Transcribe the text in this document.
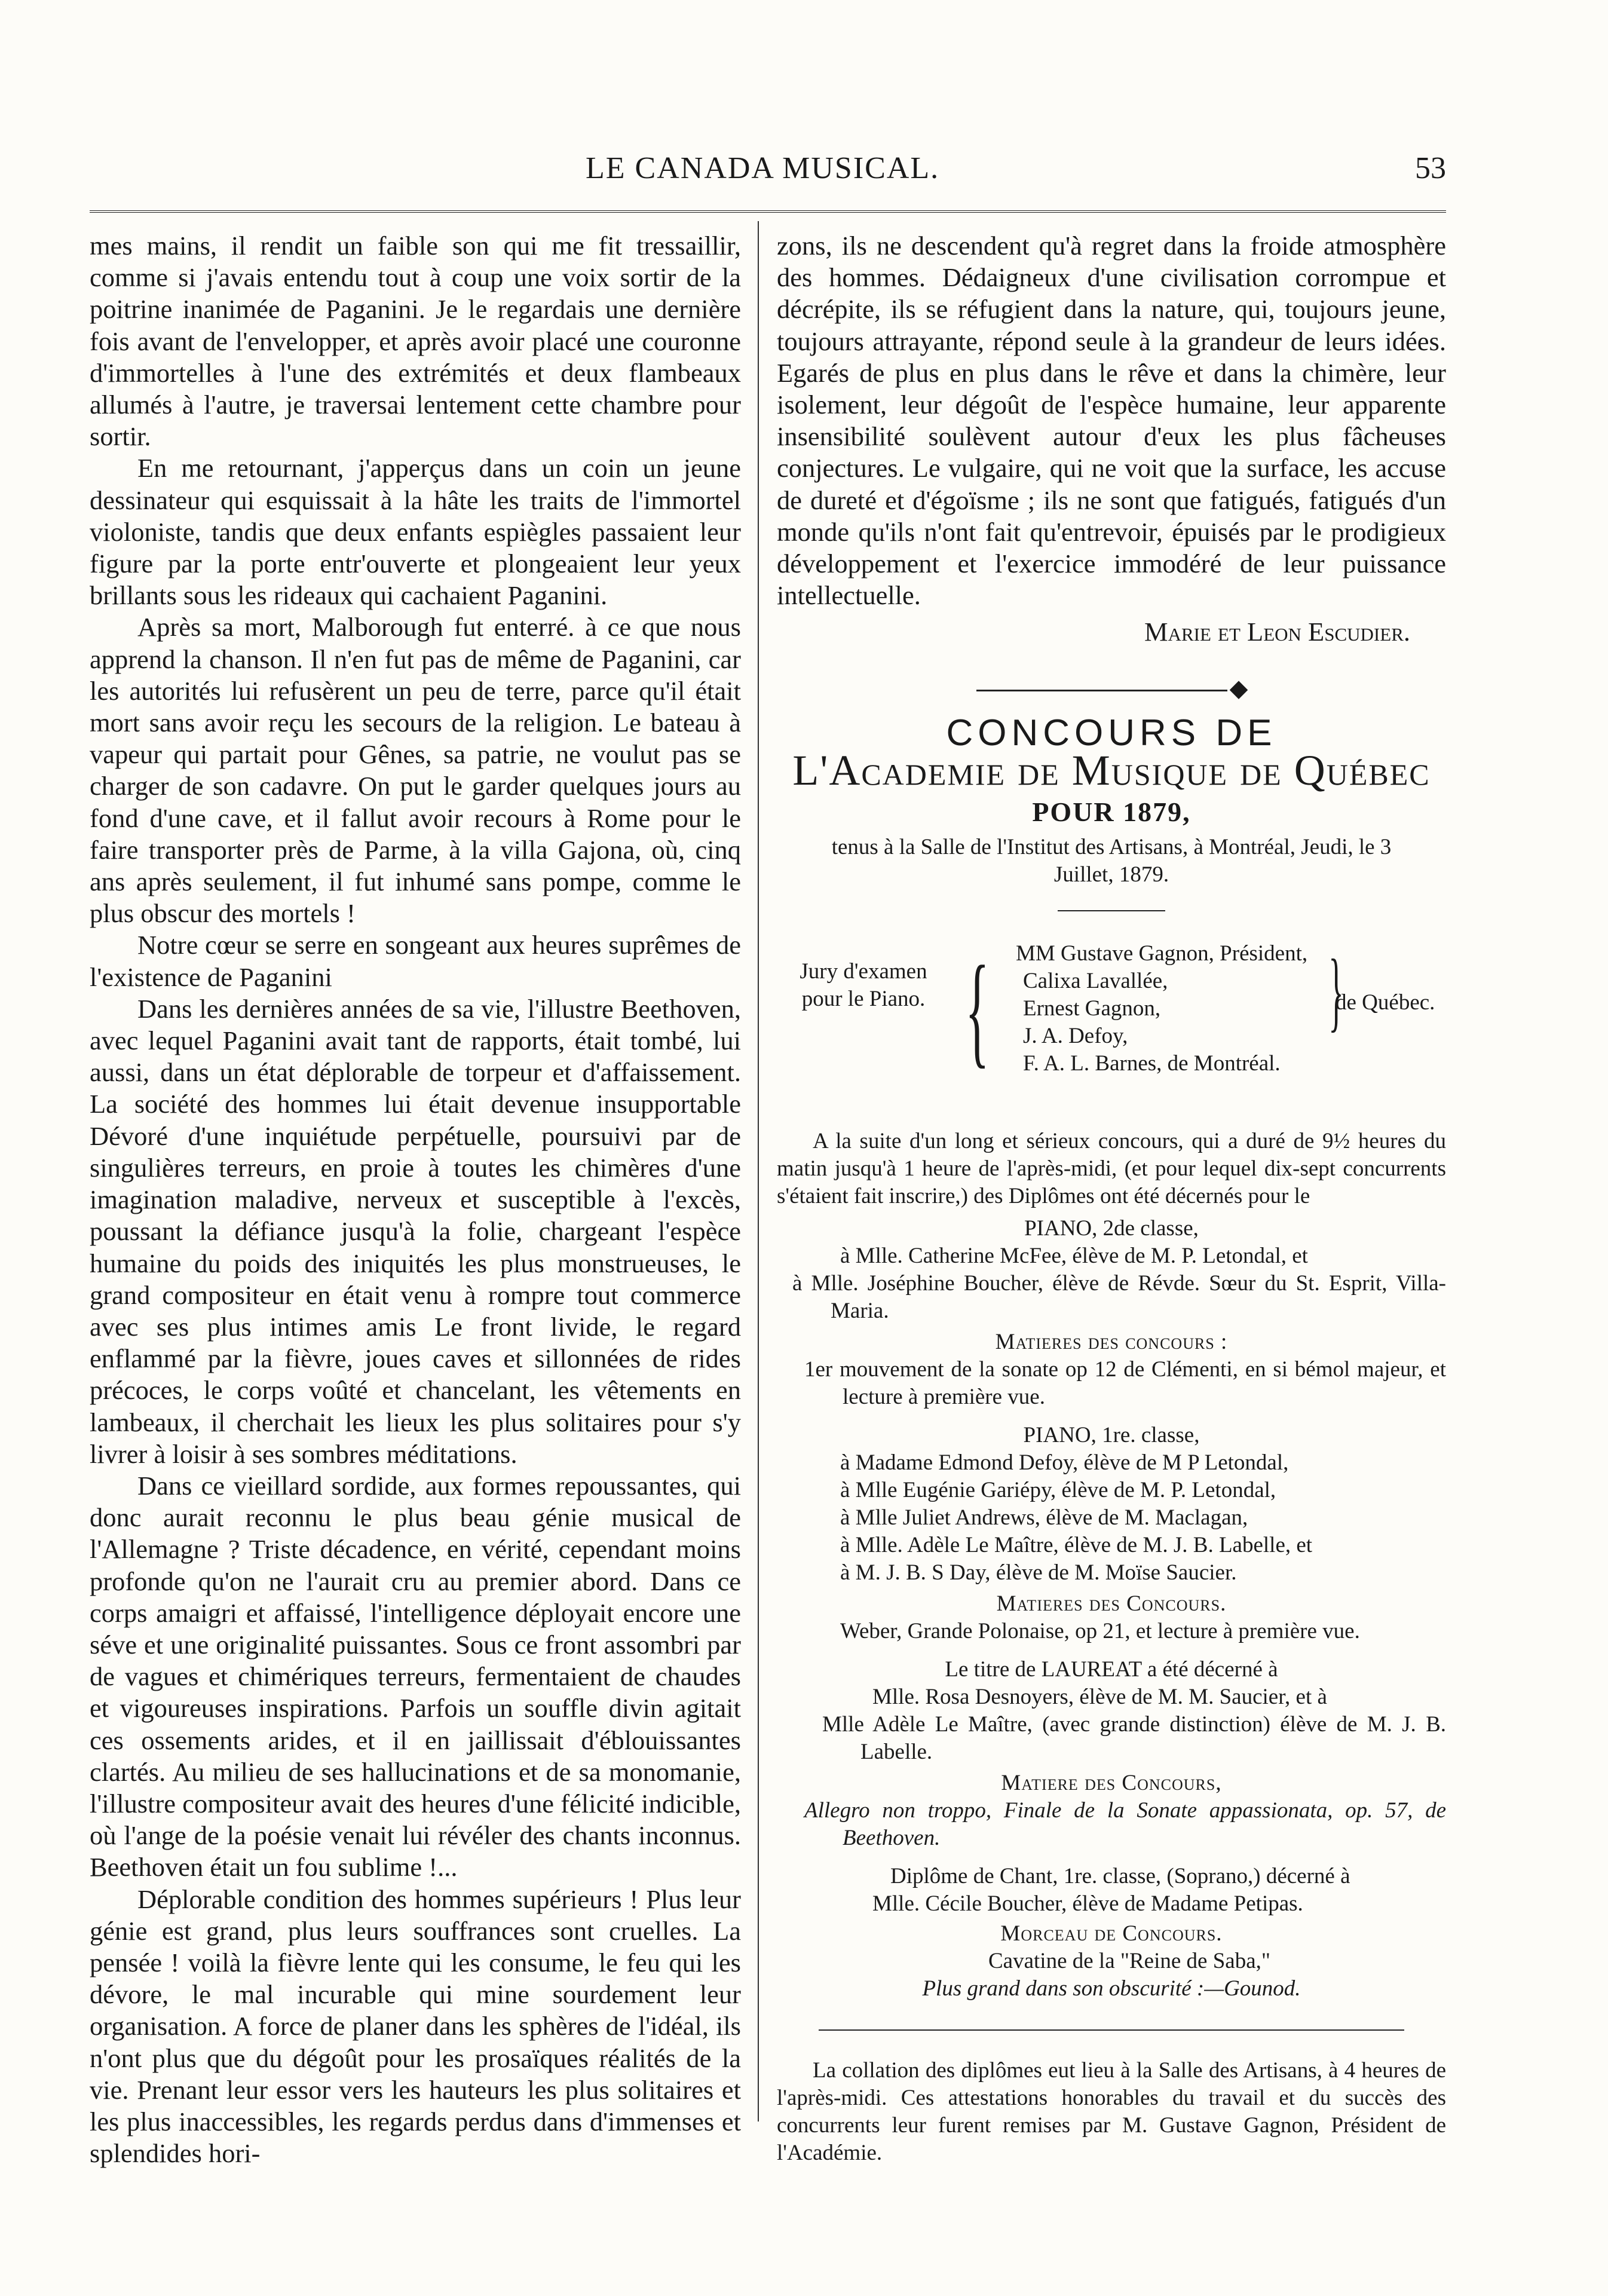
LE CANADA MUSICAL.	53

mes mains, il rendit un faible son qui me fit tressaillir, comme si j'avais entendu tout à coup une voix sortir de la poitrine inanimée de Paganini. Je le regardais une dernière fois avant de l'envelopper, et après avoir placé une couronne d'immortelles à l'une des extrémités et deux flambeaux allumés à l'autre, je traversai lentement cette chambre pour sortir.

En me retournant, j'apperçus dans un coin un jeune dessinateur qui esquissait à la hâte les traits de l'immortel violoniste, tandis que deux enfants espiègles passaient leur figure par la porte entr'ouverte et plongeaient leur yeux brillants sous les rideaux qui cachaient Paganini.

Après sa mort, Malborough fut enterré. à ce que nous apprend la chanson. Il n'en fut pas de même de Paganini, car les autorités lui refusèrent un peu de terre, parce qu'il était mort sans avoir reçu les secours de la religion. Le bateau à vapeur qui partait pour Gênes, sa patrie, ne voulut pas se charger de son cadavre. On put le garder quelques jours au fond d'une cave, et il fallut avoir recours à Rome pour le faire transporter près de Parme, à la villa Gajona, où, cinq ans après seulement, il fut inhumé sans pompe, comme le plus obscur des mortels !

Notre cœur se serre en songeant aux heures suprêmes de l'existence de Paganini

Dans les dernières années de sa vie, l'illustre Beethoven, avec lequel Paganini avait tant de rapports, était tombé, lui aussi, dans un état déplorable de torpeur et d'affaissement. La société des hommes lui était devenue insupportable Dévoré d'une inquiétude perpétuelle, poursuivi par de singulières terreurs, en proie à toutes les chimères d'une imagination maladive, nerveux et susceptible à l'excès, poussant la défiance jusqu'à la folie, chargeant l'espèce humaine du poids des iniquités les plus monstrueuses, le grand compositeur en était venu à rompre tout commerce avec ses plus intimes amis Le front livide, le regard enflammé par la fièvre, joues caves et sillonnées de rides précoces, le corps voûté et chancelant, les vêtements en lambeaux, il cherchait les lieux les plus solitaires pour s'y livrer à loisir à ses sombres méditations.

Dans ce vieillard sordide, aux formes repoussantes, qui donc aurait reconnu le plus beau génie musical de l'Allemagne ? Triste décadence, en vérité, cependant moins profonde qu'on ne l'aurait cru au premier abord. Dans ce corps amaigri et affaissé, l'intelligence déployait encore une séve et une originalité puissantes. Sous ce front assombri par de vagues et chimériques terreurs, fermentaient de chaudes et vigoureuses inspirations. Parfois un souffle divin agitait ces ossements arides, et il en jaillissait d'éblouissantes clartés. Au milieu de ses hallucinations et de sa monomanie, l'illustre compositeur avait des heures d'une félicité indicible, où l'ange de la poésie venait lui révéler des chants inconnus. Beethoven était un fou sublime !...

Déplorable condition des hommes supérieurs ! Plus leur génie est grand, plus leurs souffrances sont cruelles. La pensée ! voilà la fièvre lente qui les consume, le feu qui les dévore, le mal incurable qui mine sourdement leur organisation. A force de planer dans les sphères de l'idéal, ils n'ont plus que du dégoût pour les prosaïques réalités de la vie. Prenant leur essor vers les hauteurs les plus solitaires et les plus inaccessibles, les regards perdus dans d'immenses et splendides hori-

zons, ils ne descendent qu'à regret dans la froide atmosphère des hommes. Dédaigneux d'une civilisation corrompue et décrépite, ils se réfugient dans la nature, qui, toujours jeune, toujours attrayante, répond seule à la grandeur de leurs idées. Egarés de plus en plus dans le rêve et dans la chimère, leur isolement, leur dégoût de l'espèce humaine, leur apparente insensibilité soulèvent autour d'eux les plus fâcheuses conjectures. Le vulgaire, qui ne voit que la surface, les accuse de dureté et d'égoïsme ; ils ne sont que fatigués, fatigués d'un monde qu'ils n'ont fait qu'entrevoir, épuisés par le prodigieux développement et l'exercice immodéré de leur puissance intellectuelle.

Marie et Leon Escudier.

◆
CONCOURS DE
L'Academie de Musique de Québec
POUR 1879,
tenus à la Salle de l'Institut des Artisans, à Montréal, Jeudi, le 3 Juillet, 1879.
Jury d'examen pour le Piano. { MM Gustave Gagnon, Président,
Calixa Lavallée,
Ernest Gagnon,
J. A. Defoy,
F. A. L. Barnes, de Montréal.
}
de Québec.

A la suite d'un long et sérieux concours, qui a duré de 9½ heures du matin jusqu'à 1 heure de l'après-midi, (et pour lequel dix-sept concurrents s'étaient fait inscrire,) des Diplômes ont été décernés pour le

PIANO, 2de classe,

à Mlle. Catherine McFee, élève de M. P. Letondal, et

à Mlle. Joséphine Boucher, élève de Révde. Sœur du St. Esprit, Villa-Maria.

Matieres des concours :

1er mouvement de la sonate op 12 de Clémenti, en si bémol majeur, et lecture à première vue.

PIANO, 1re. classe,

à Madame Edmond Defoy, élève de M P Letondal,

à Mlle Eugénie Gariépy, élève de M. P. Letondal,

à Mlle Juliet Andrews, élève de M. Maclagan,

à Mlle. Adèle Le Maître, élève de M. J. B. Labelle, et

à M. J. B. S Day, élève de M. Moïse Saucier.

Matieres des Concours.

Weber, Grande Polonaise, op 21, et lecture à première vue.

Le titre de LAUREAT a été décerné à

Mlle. Rosa Desnoyers, élève de M. M. Saucier, et à

Mlle Adèle Le Maître, (avec grande distinction) élève de M. J. B. Labelle.

Matiere des Concours,

Allegro non troppo, Finale de la Sonate appassionata, op. 57, de Beethoven.

Diplôme de Chant, 1re. classe, (Soprano,) décerné à

Mlle. Cécile Boucher, élève de Madame Petipas.

Morceau de Concours.
Cavatine de la "Reine de Saba,"
Plus grand dans son obscurité :—Gounod.

La collation des diplômes eut lieu à la Salle des Artisans, à 4 heures de l'après-midi. Ces attestations honorables du travail et du succès des concurrents leur furent remises par M. Gustave Gagnon, Président de l'Académie.
